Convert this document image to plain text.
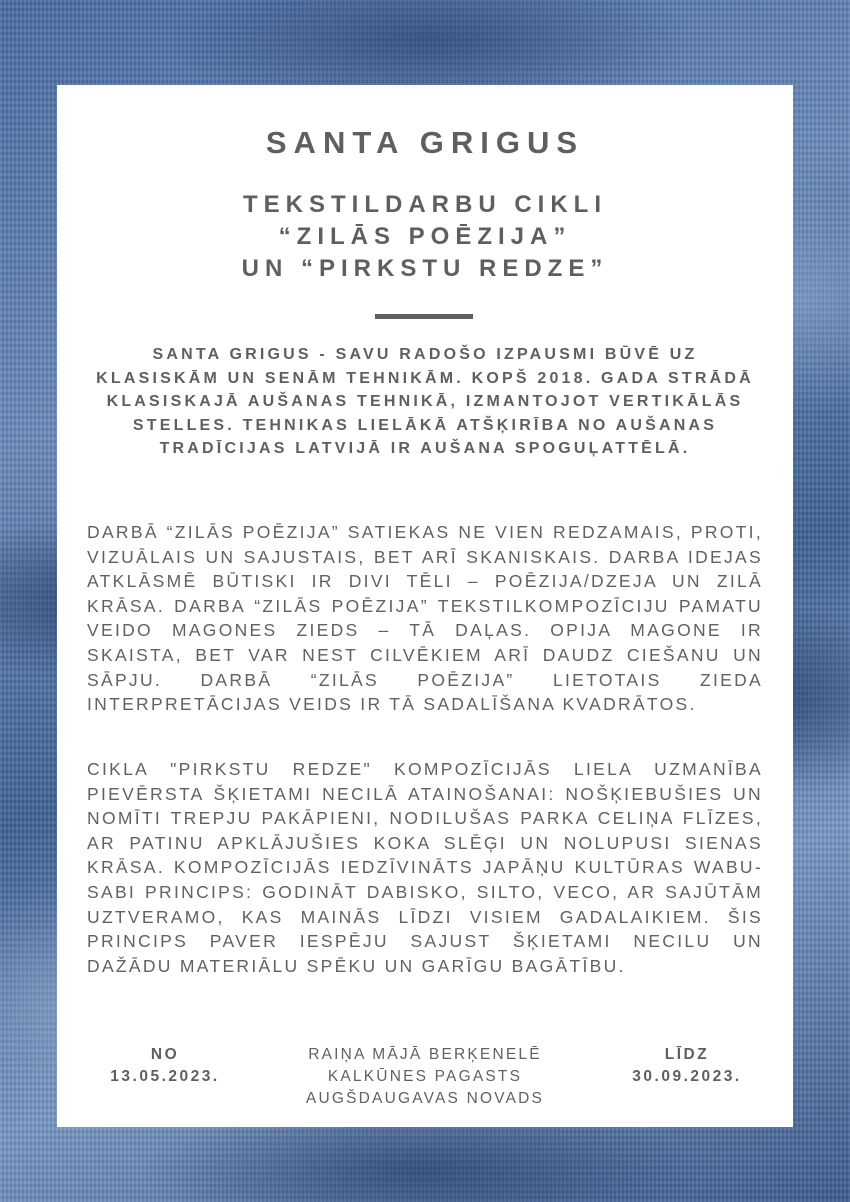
SANTA GRIGUS
TEKSTILDARBU CIKLI
“ZILĀS POĒZIJA”
UN “PIRKSTU REDZE”
SANTA GRIGUS - SAVU RADOŠO IZPAUSMI BŪVĒ UZ KLASISKĀM UN SENĀM TEHNIKĀM. KOPŠ 2018. GADA STRĀDĀ KLASISKAJĀ AUŠANAS TEHNIKĀ, IZMANTOJOT VERTIKĀLĀS STELLES. TEHNIKAS LIELĀKĀ ATŠĶIRĪBA NO AUŠANAS TRADĪCIJAS LATVIJĀ IR AUŠANA SPOGUĻATTĒLĀ.
DARBĀ “ZILĀS POĒZIJA” SATIEKAS NE VIEN REDZAMAIS, PROTI, VIZUĀLAIS UN SAJUSTAIS, BET ARĪ SKANISKAIS. DARBA IDEJAS ATKLĀSMĒ BŪTISKI IR DIVI TĒLI – POĒZIJA/DZEJA UN ZILĀ KRĀSA. DARBA “ZILĀS POĒZIJA” TEKSTILKOMPOZĪCIJU PAMATU VEIDO MAGONES ZIEDS – TĀ DAĻAS. OPIJA MAGONE IR SKAISTA, BET VAR NEST CILVĒKIEM ARĪ DAUDZ CIEŠANU UN SĀPJU. DARBĀ “ZILĀS POĒZIJA” LIETOTAIS ZIEDA INTERPRETĀCIJAS VEIDS IR TĀ SADALĪŠANA KVADRĀTOS.
CIKLA "PIRKSTU REDZE" KOMPOZĪCIJĀS LIELA UZMANĪBA PIEVĒRSTA ŠĶIETAMI NECILĀ ATAINOŠANAI: NOŠĶIEBUŠIES UN NOMĪTI TREPJU PAKĀPIENI, NODILUŠAS PARKA CELIŅA FLĪZES, AR PATINU APKLĀJUŠIES KOKA SLĒĢI UN NOLUPUSI SIENAS KRĀSA. KOMPOZĪCIJĀS IEDZĪVINĀTS JAPĀŅU KULTŪRAS WABU-SABI PRINCIPS: GODINĀT DABISKO, SILTO, VECO, AR SAJŪTĀM UZTVERAMO, KAS MAINĀS LĪDZI VISIEM GADALAIKIEM. ŠIS PRINCIPS PAVER IESPĒJU SAJUST ŠĶIETAMI NECILU UN DAŽĀDU MATERIĀLU SPĒKU UN GARĪGU BAGĀTĪBU.
NO
13.05.2023.
RAIŅA MĀJĀ BERĶENELĒ
KALKŪNES PAGASTS
AUGŠDAUGAVAS NOVADS
LĪDZ
30.09.2023.
